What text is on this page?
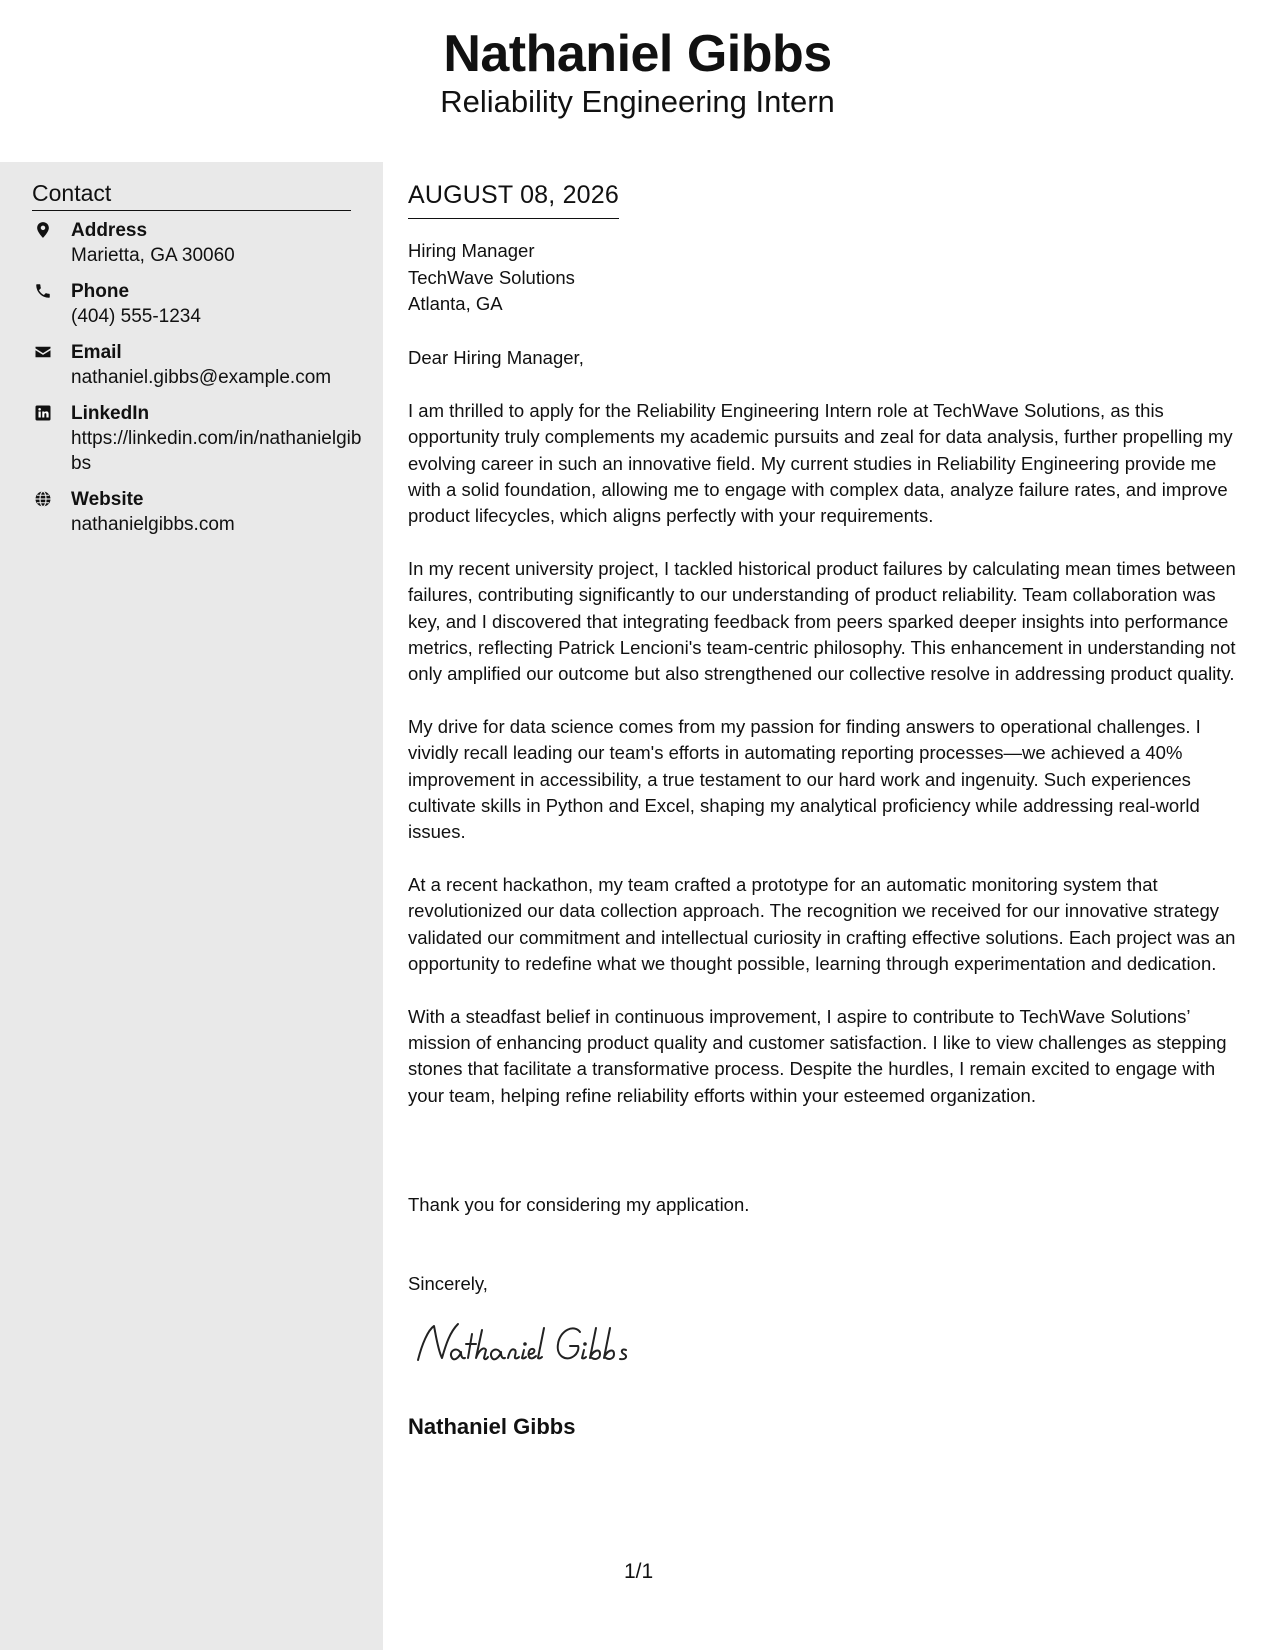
Nathaniel Gibbs
Reliability Engineering Intern
Contact
Address
Marietta, GA 30060
Phone
(404) 555-1234
Email
nathaniel.gibbs@example.com
LinkedIn
https://linkedin.com/in/nathanielgibbs
Website
nathanielgibbs.com
AUGUST 08, 2026
Hiring Manager
TechWave Solutions
Atlanta, GA
Dear Hiring Manager,

I am thrilled to apply for the Reliability Engineering Intern role at TechWave Solutions, as this opportunity truly complements my academic pursuits and zeal for data analysis, further propelling my evolving career in such an innovative field. My current studies in Reliability Engineering provide me with a solid foundation, allowing me to engage with complex data, analyze failure rates, and improve product lifecycles, which aligns perfectly with your requirements.

In my recent university project, I tackled historical product failures by calculating mean times between failures, contributing significantly to our understanding of product reliability. Team collaboration was key, and I discovered that integrating feedback from peers sparked deeper insights into performance metrics, reflecting Patrick Lencioni's team-centric philosophy. This enhancement in understanding not only amplified our outcome but also strengthened our collective resolve in addressing product quality.

My drive for data science comes from my passion for finding answers to operational challenges. I vividly recall leading our team's efforts in automating reporting processes—we achieved a 40% improvement in accessibility, a true testament to our hard work and ingenuity. Such experiences cultivate skills in Python and Excel, shaping my analytical proficiency while addressing real-world issues.

At a recent hackathon, my team crafted a prototype for an automatic monitoring system that revolutionized our data collection approach. The recognition we received for our innovative strategy validated our commitment and intellectual curiosity in crafting effective solutions. Each project was an opportunity to redefine what we thought possible, learning through experimentation and dedication.

With a steadfast belief in continuous improvement, I aspire to contribute to TechWave Solutions’ mission of enhancing product quality and customer satisfaction. I like to view challenges as stepping stones that facilitate a transformative process. Despite the hurdles, I remain excited to engage with your team, helping refine reliability efforts within your esteemed organization.

Thank you for considering my application.
Sincerely,
Nathaniel Gibbs
1/1
